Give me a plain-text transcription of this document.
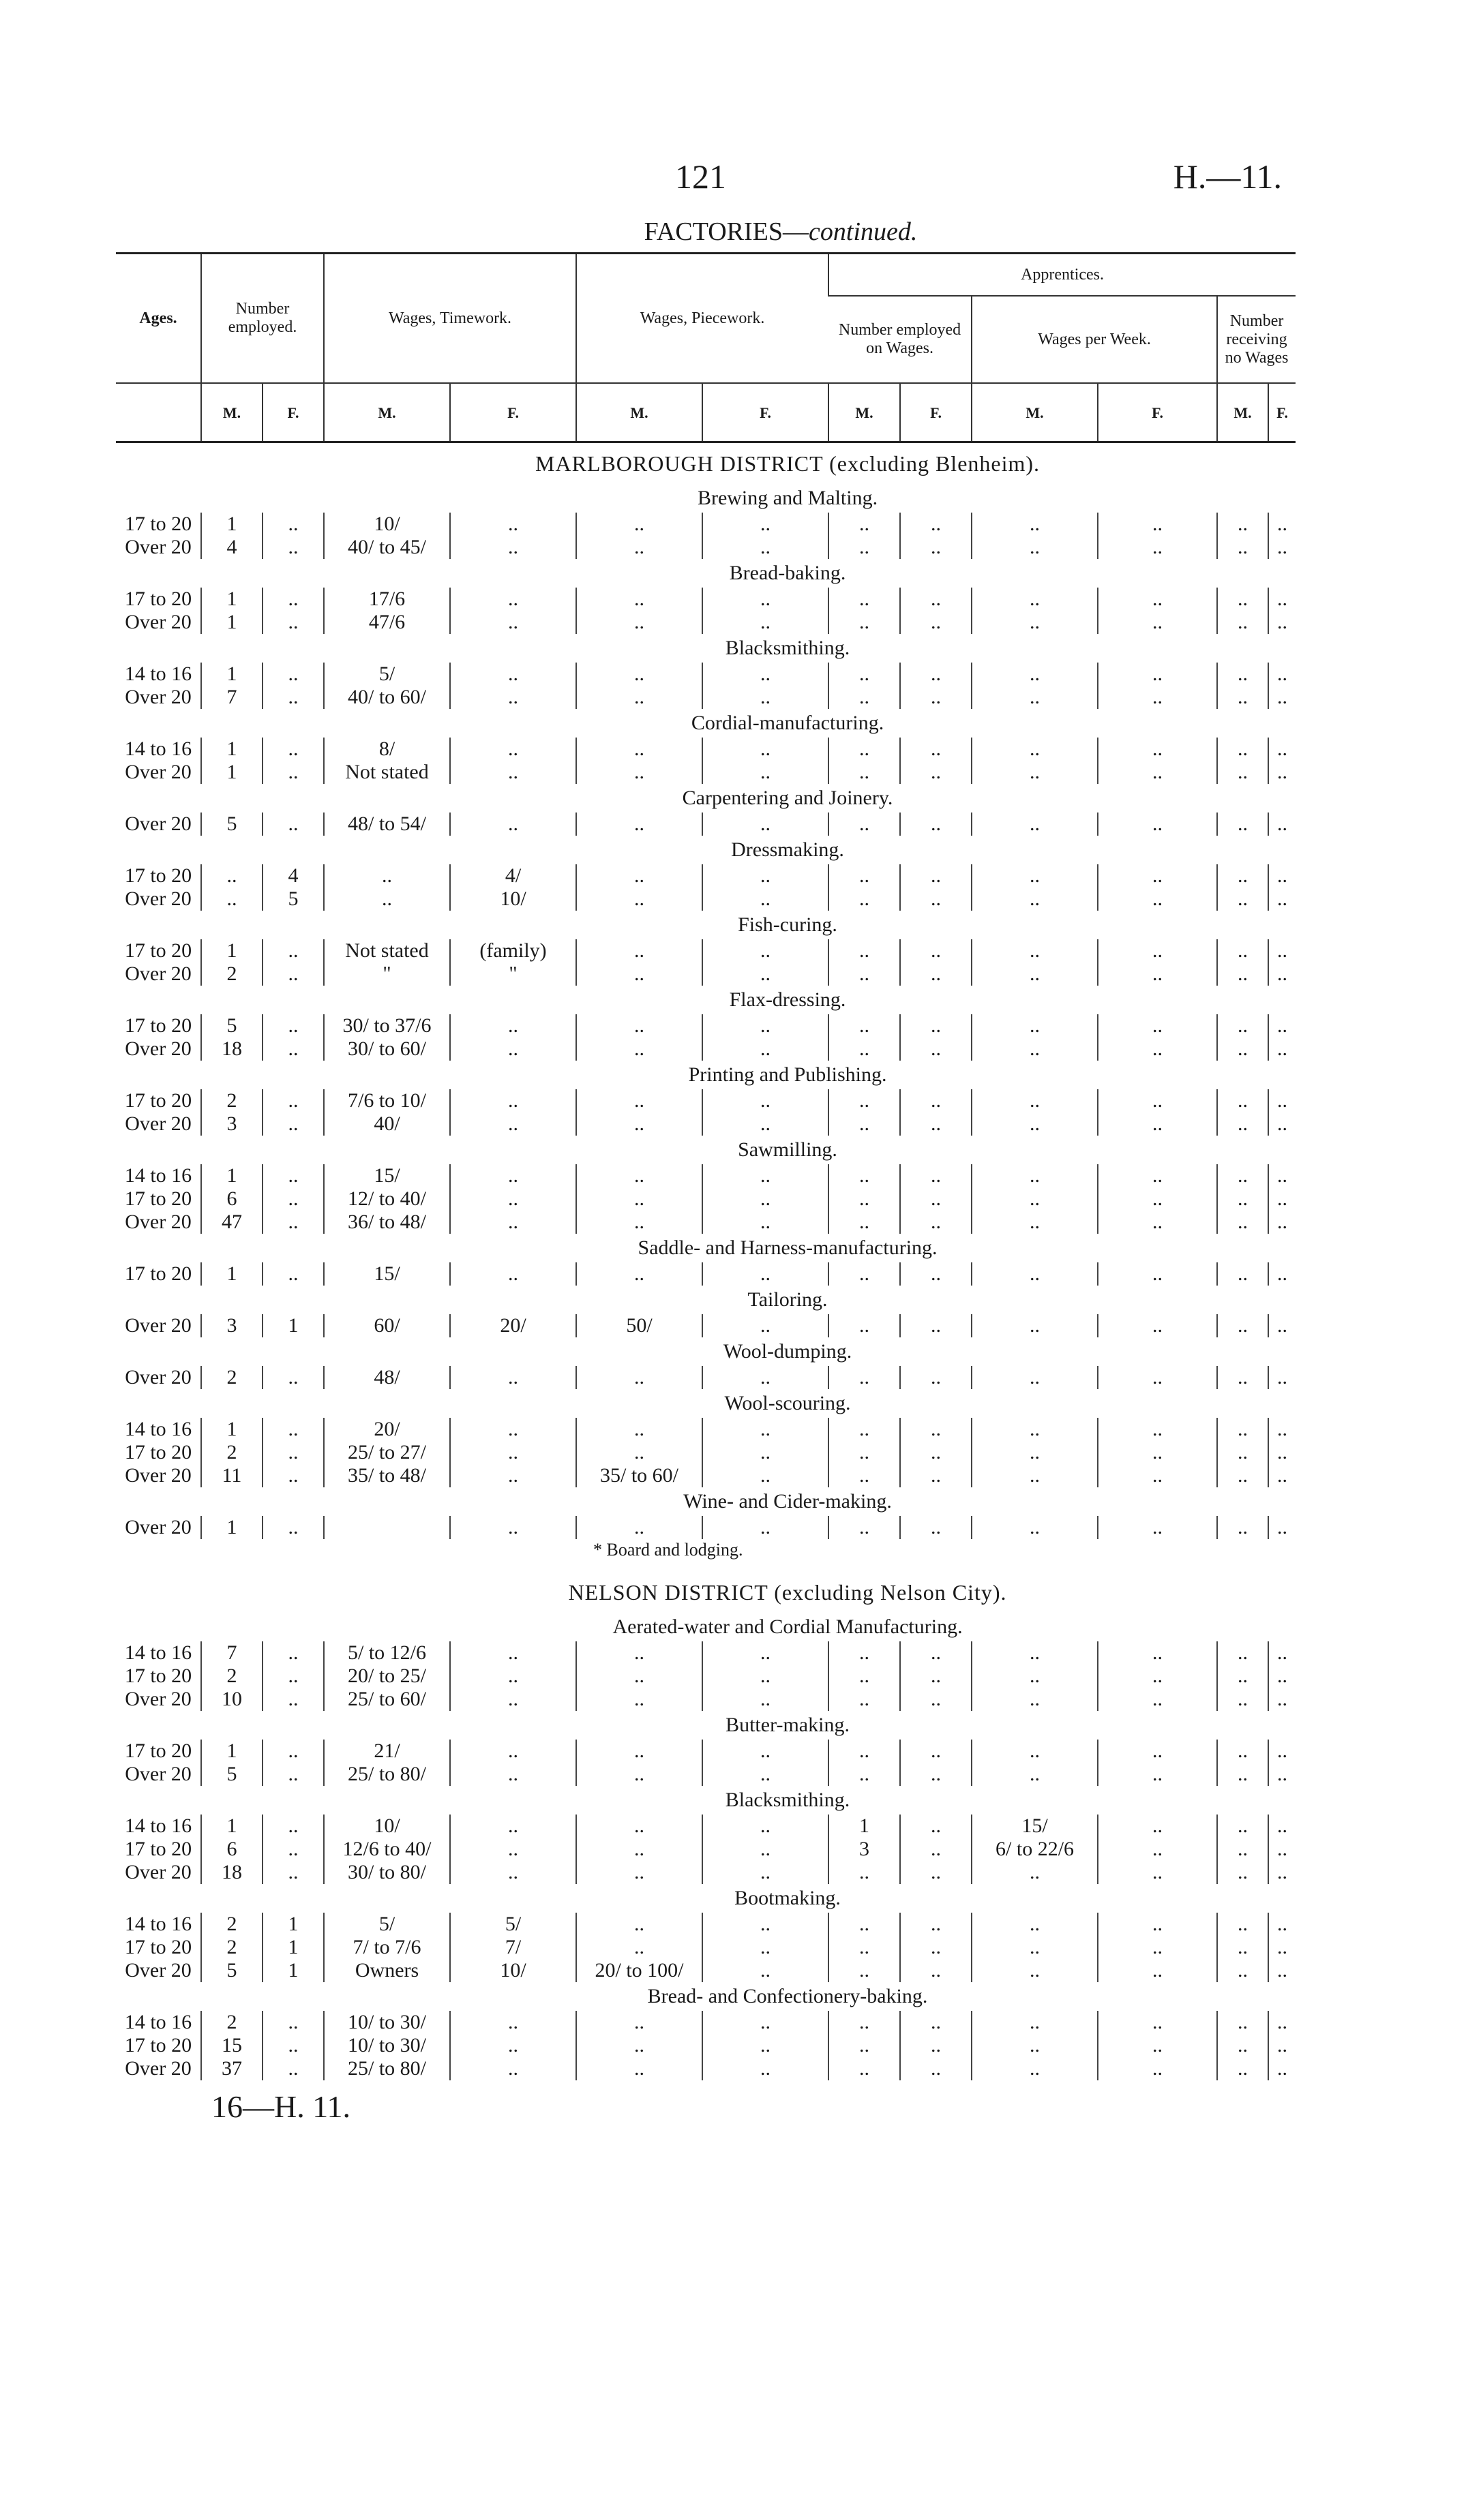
121	H.—11.
FACTORIES—continued.
Ages.	Number employed.		Wages, Timework.		Wages, Piecework.		Apprentices.					
							Number employed on Wages.		Wages per Week.		Number receiving no Wages	
	M.	F.	M.	F.	M.	F.	M.	F.	M.	F.	M.	F.
MARLBOROUGH DISTRICT (excluding Blenheim).												
Brewing and Malting.												
17 to 20	1	..	10/	..	..	..	..	..	..	..	..	..
Over 20	4	..	40/ to 45/	..	..	..	..	..	..	..	..	..
Bread-baking.												
17 to 20	1	..	17/6	..	..	..	..	..	..	..	..	..
Over 20	1	..	47/6	..	..	..	..	..	..	..	..	..
Blacksmithing.												
14 to 16	1	..	5/	..	..	..	..	..	..	..	..	..
Over 20	7	..	40/ to 60/	..	..	..	..	..	..	..	..	..
Cordial-manufacturing.												
14 to 16	1	..	8/	..	..	..	..	..	..	..	..	..
Over 20	1	..	Not stated	..	..	..	..	..	..	..	..	..
Carpentering and Joinery.												
Over 20	5	..	48/ to 54/	..	..	..	..	..	..	..	..	..
Dressmaking.												
17 to 20	..	4	..	4/	..	..	..	..	..	..	..	..
Over 20	..	5	..	10/	..	..	..	..	..	..	..	..
Fish-curing.												
17 to 20	1	..	Not stated	(family)	..	..	..	..	..	..	..	..
Over 20	2	..	"	"	..	..	..	..	..	..	..	..
Flax-dressing.												
17 to 20	5	..	30/ to 37/6	..	..	..	..	..	..	..	..	..
Over 20	18	..	30/ to 60/	..	..	..	..	..	..	..	..	..
Printing and Publishing.												
17 to 20	2	..	7/6 to 10/	..	..	..	..	..	..	..	..	..
Over 20	3	..	40/	..	..	..	..	..	..	..	..	..
Sawmilling.												
14 to 16	1	..	15/	..	..	..	..	..	..	..	..	..
17 to 20	6	..	12/ to 40/	..	..	..	..	..	..	..	..	..
Over 20	47	..	36/ to 48/	..	..	..	..	..	..	..	..	..
Saddle- and Harness-manufacturing.												
17 to 20	1	..	15/	..	..	..	..	..	..	..	..	..
Tailoring.												
Over 20	3	1	60/	20/	50/	..	..	..	..	..	..	..
Wool-dumping.												
Over 20	2	..	48/	..	..	..	..	..	..	..	..	..
Wool-scouring.												
14 to 16	1	..	20/	..	..	..	..	..	..	..	..	..
17 to 20	2	..	25/ to 27/	..	..	..	..	..	..	..	..	..
Over 20	11	..	35/ to 48/	..	35/ to 60/	..	..	..	..	..	..	..
Wine- and Cider-making.												
Over 20	1	..		..	..	..	..	..	..	..	..	..
* Board and lodging.												

NELSON DISTRICT (excluding Nelson City).												
Aerated-water and Cordial Manufacturing.												
14 to 16	7	..	5/ to 12/6	..	..	..	..	..	..	..	..	..
17 to 20	2	..	20/ to 25/	..	..	..	..	..	..	..	..	..
Over 20	10	..	25/ to 60/	..	..	..	..	..	..	..	..	..
Butter-making.												
17 to 20	1	..	21/	..	..	..	..	..	..	..	..	..
Over 20	5	..	25/ to 80/	..	..	..	..	..	..	..	..	..
Blacksmithing.												
14 to 16	1	..	10/	..	..	..	1	..	15/	..	..	..
17 to 20	6	..	12/6 to 40/	..	..	..	3	..	6/ to 22/6	..	..	..
Over 20	18	..	30/ to 80/	..	..	..	..	..	..	..	..	..
Bootmaking.												
14 to 16	2	1	5/	5/	..	..	..	..	..	..	..	..
17 to 20	2	1	7/ to 7/6	7/	..	..	..	..	..	..	..	..
Over 20	5	1	Owners	10/	20/ to 100/	..	..	..	..	..	..	..
Bread- and Confectionery-baking.												
14 to 16	2	..	10/ to 30/	..	..	..	..	..	..	..	..	..
17 to 20	15	..	10/ to 30/	..	..	..	..	..	..	..	..	..
Over 20	37	..	25/ to 80/	..	..	..	..	..	..	..	..	..
16—H. 11.
